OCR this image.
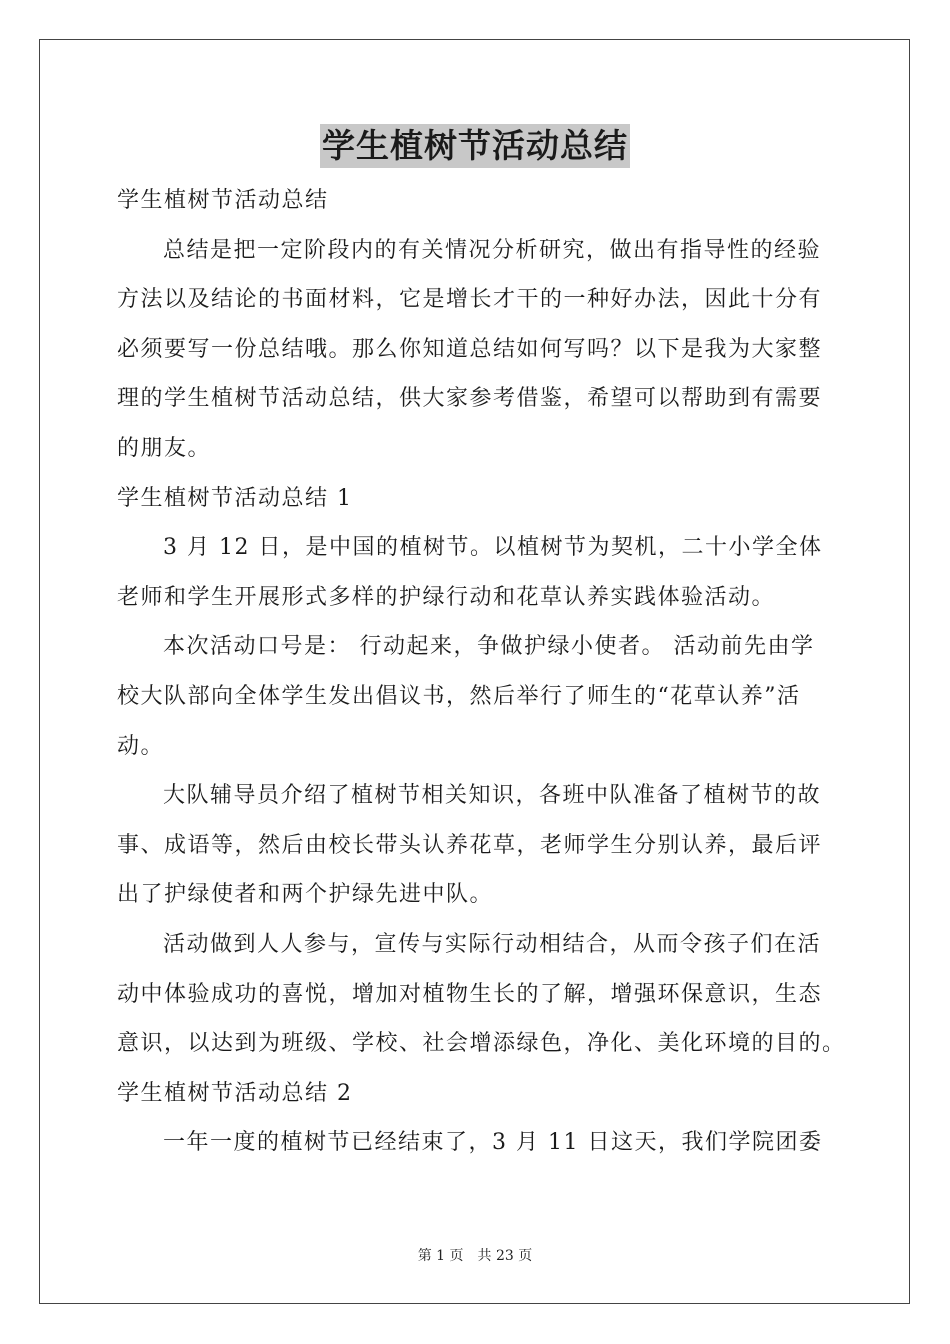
学生植树节活动总结
学生植树节活动总结
总结是把一定阶段内的有关情况分析研究，做出有指导性的经验
方法以及结论的书面材料，它是增长才干的一种好办法，因此十分有
必须要写一份总结哦。那么你知道总结如何写吗？以下是我为大家整
理的学生植树节活动总结，供大家参考借鉴，希望可以帮助到有需要
的朋友。
学生植树节活动总结 1
3 月 12 日，是中国的植树节。以植树节为契机，二十小学全体
老师和学生开展形式多样的护绿行动和花草认养实践体验活动。
本次活动口号是： 行动起来，争做护绿小使者。 活动前先由学
校大队部向全体学生发出倡议书，然后举行了师生的“花草认养”活
动。
大队辅导员介绍了植树节相关知识，各班中队准备了植树节的故
事、成语等，然后由校长带头认养花草，老师学生分别认养，最后评
出了护绿使者和两个护绿先进中队。
活动做到人人参与，宣传与实际行动相结合，从而令孩子们在活
动中体验成功的喜悦，增加对植物生长的了解，增强环保意识，生态
意识，以达到为班级、学校、社会增添绿色，净化、美化环境的目的。
学生植树节活动总结 2
一年一度的植树节已经结束了，3 月 11 日这天，我们学院团委
第 1 页　共 23 页
